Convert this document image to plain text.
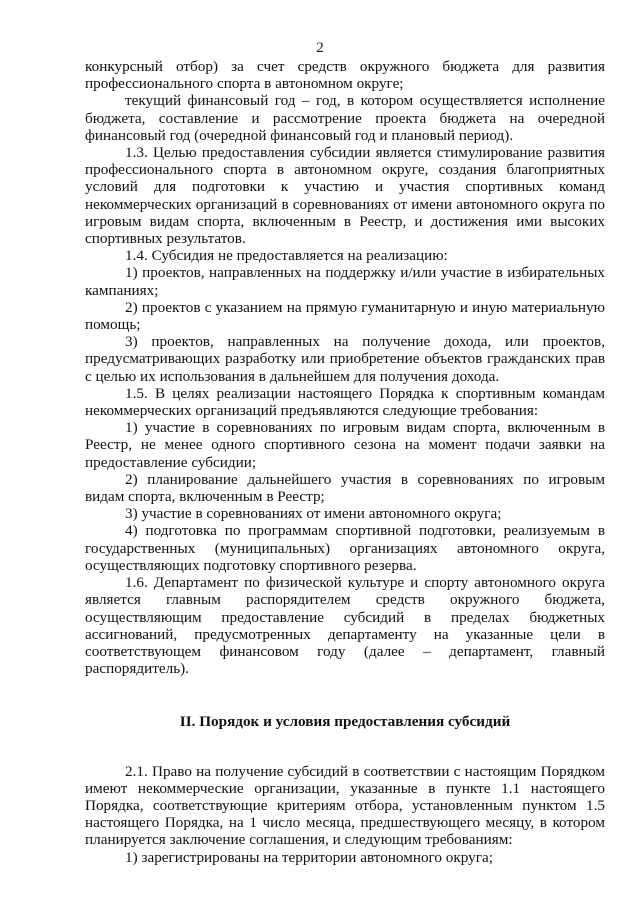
2

конкурсный отбор) за счет средств окружного бюджета для развития профессионального спорта в автономном округе;

текущий финансовый год – год, в котором осуществляется исполнение бюджета, составление и рассмотрение проекта бюджета на очередной финансовый год (очередной финансовый год и плановый период).

1.3. Целью предоставления субсидии является стимулирование развития профессионального спорта в автономном округе, создания благоприятных условий для подготовки к участию и участия спортивных команд некоммерческих организаций в соревнованиях от имени автономного округа по игровым видам спорта, включенным в Реестр, и достижения ими высоких спортивных результатов.

1.4. Субсидия не предоставляется на реализацию:

1) проектов, направленных на поддержку и/или участие в избирательных кампаниях;

2) проектов с указанием на прямую гуманитарную и иную материальную помощь;

3) проектов, направленных на получение дохода, или проектов, предусматривающих разработку или приобретение объектов гражданских прав с целью их использования в дальнейшем для получения дохода.

1.5. В целях реализации настоящего Порядка к спортивным командам некоммерческих организаций предъявляются следующие требования:

1) участие в соревнованиях по игровым видам спорта, включенным в Реестр, не менее одного спортивного сезона на момент подачи заявки на предоставление субсидии;

2) планирование дальнейшего участия в соревнованиях по игровым видам спорта, включенным в Реестр;

3) участие в соревнованиях от имени автономного округа;

4) подготовка по программам спортивной подготовки, реализуемым в государственных (муниципальных) организациях автономного округа, осуществляющих подготовку спортивного резерва.

1.6. Департамент по физической культуре и спорту автономного округа является главным распорядителем средств окружного бюджета, осуществляющим предоставление субсидий в пределах бюджетных ассигнований, предусмотренных департаменту на указанные цели в соответствующем финансовом году (далее – департамент, главный распорядитель).

II. Порядок и условия предоставления субсидий

2.1. Право на получение субсидий в соответствии с настоящим Порядком имеют некоммерческие организации, указанные в пункте 1.1 настоящего Порядка, соответствующие критериям отбора, установленным пунктом 1.5 настоящего Порядка, на 1 число месяца, предшествующего месяцу, в котором планируется заключение соглашения, и следующим требованиям:

1) зарегистрированы на территории автономного округа;
